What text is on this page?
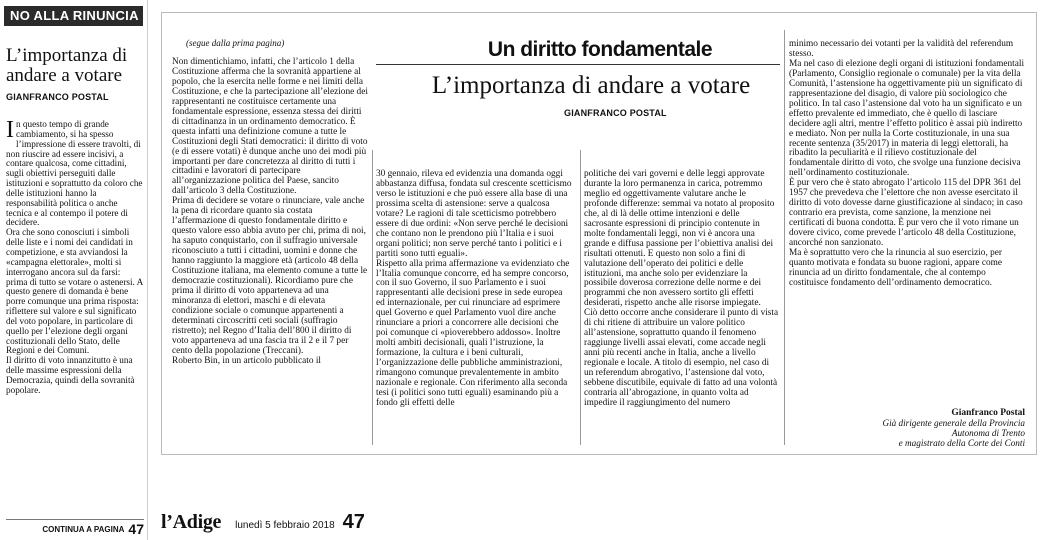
NO ALLA RINUNCIA
L’importanza di andare a votare
GIANFRANCO POSTAL

In questo tempo di grande cambiamento, si ha spesso l’impressione di essere travolti, di non riuscire ad essere incisivi, a contare qualcosa, come cittadini, sugli obiettivi perseguiti dalle istituzioni e soprattutto da coloro che delle istituzioni hanno la responsabilità politica o anche tecnica e al contempo il potere di decidere.

Ora che sono conosciuti i simboli delle liste e i nomi dei candidati in competizione, e sta avviandosi la «campagna elettorale», molti si interrogano ancora sul da farsi: prima di tutto se votare o astenersi. A questo genere di domanda è bene porre comunque una prima risposta: riflettere sul valore e sul significato del voto popolare, in particolare di quello per l’elezione degli organi costituzionali dello Stato, delle Regioni e dei Comuni.

Il diritto di voto innanzitutto è una delle massime espressioni della Democrazia, quindi della sovranità popolare.

CONTINUA A PAGINA 47
(segue dalla prima pagina)

Non dimentichiamo, infatti, che l’articolo 1 della Costituzione afferma che la sovranità appartiene al popolo, che la esercita nelle forme e nei limiti della Costituzione, e che la partecipazione all’elezione dei rappresentanti ne costituisce certamente una fondamentale espressione, essenza stessa dei diritti di cittadinanza in un ordinamento democratico. È questa infatti una definizione comune a tutte le Costituzioni degli Stati democratici: il diritto di voto (e di essere votati) è dunque anche uno dei modi più importanti per dare concretezza al diritto di tutti i cittadini e lavoratori di partecipare all’organizzazione politica del Paese, sancito dall’articolo 3 della Costituzione.

Prima di decidere se votare o rinunciare, vale anche la pena di ricordare quanto sia costata l’affermazione di questo fondamentale diritto e questo valore esso abbia avuto per chi, prima di noi, ha saputo conquistarlo, con il suffragio universale riconosciuto a tutti i cittadini, uomini e donne che hanno raggiunto la maggiore età (articolo 48 della Costituzione italiana, ma elemento comune a tutte le democrazie costituzionali). Ricordiamo pure che prima il diritto di voto apparteneva ad una minoranza di elettori, maschi e di elevata condizione sociale o comunque appartenenti a determinati circoscritti ceti sociali (suffragio ristretto); nel Regno d’Italia dell’800 il diritto di voto apparteneva ad una fascia tra il 2 e il 7 per cento della popolazione (Treccani).

Roberto Bin, in un articolo pubblicato il

Un diritto fondamentale
L’importanza di andare a votare
GIANFRANCO POSTAL

30 gennaio, rileva ed evidenzia una domanda oggi abbastanza diffusa, fondata sul crescente scetticismo verso le istituzioni e che può essere alla base di una prossima scelta di astensione: serve a qualcosa votare? Le ragioni di tale scetticismo potrebbero essere di due ordini: «Non serve perché le decisioni che contano non le prendono più l’Italia e i suoi organi politici; non serve perché tanto i politici e i partiti sono tutti eguali».

Rispetto alla prima affermazione va evidenziato che l’Italia comunque concorre, ed ha sempre concorso, con il suo Governo, il suo Parlamento e i suoi rappresentanti alle decisioni prese in sede europea ed internazionale, per cui rinunciare ad esprimere quel Governo e quel Parlamento vuol dire anche rinunciare a priori a concorrere alle decisioni che poi comunque ci «pioverebbero addosso». Inoltre molti ambiti decisionali, quali l’istruzione, la formazione, la cultura e i beni culturali, l’organizzazione delle pubbliche amministrazioni, rimangono comunque prevalentemente in ambito nazionale e regionale. Con riferimento alla seconda tesi (i politici sono tutti eguali) esaminando più a fondo gli effetti delle

politiche dei vari governi e delle leggi approvate durante la loro permanenza in carica, potremmo meglio ed oggettivamente valutare anche le profonde differenze: semmai va notato al proposito che, al di là delle ottime intenzioni e delle sacrosante espressioni di principio contenute in molte fondamentali leggi, non vi è ancora una grande e diffusa passione per l’obiettiva analisi dei risultati ottenuti. E questo non solo a fini di valutazione dell’operato dei politici e delle istituzioni, ma anche solo per evidenziare la possibile doverosa correzione delle norme e dei programmi che non avessero sortito gli effetti desiderati, rispetto anche alle risorse impiegate.

Ciò detto occorre anche considerare il punto di vista di chi ritiene di attribuire un valore politico all’astensione, soprattutto quando il fenomeno raggiunge livelli assai elevati, come accade negli anni più recenti anche in Italia, anche a livello regionale e locale. A titolo di esempio, nel caso di un referendum abrogativo, l’astensione dal voto, sebbene discutibile, equivale di fatto ad una volontà contraria all’abrogazione, in quanto volta ad impedire il raggiungimento del numero

minimo necessario dei votanti per la validità del referendum stesso.

Ma nel caso di elezione degli organi di istituzioni fondamentali (Parlamento, Consiglio regionale o comunale) per la vita della Comunità, l’astensione ha oggettivamente più un significato di rappresentazione del disagio, di valore più sociologico che politico. In tal caso l’astensione dal voto ha un significato e un effetto prevalente ed immediato, che è quello di lasciare decidere agli altri, mentre l’effetto politico è assai più indiretto e mediato. Non per nulla la Corte costituzionale, in una sua recente sentenza (35/2017) in materia di leggi elettorali, ha ribadito la peculiarità e il rilievo costituzionale del fondamentale diritto di voto, che svolge una funzione decisiva nell’ordinamento costituzionale.

È pur vero che è stato abrogato l’articolo 115 del DPR 361 del 1957 che prevedeva che l’elettore che non avesse esercitato il diritto di voto dovesse darne giustificazione al sindaco; in caso contrario era prevista, come sanzione, la menzione nei certificati di buona condotta. È pur vero che il voto rimane un dovere civico, come prevede l’articolo 48 della Costituzione, ancorché non sanzionato.

Ma è soprattutto vero che la rinuncia al suo esercizio, per quanto motivata e fondata su buone ragioni, appare come rinuncia ad un diritto fondamentale, che al contempo costituisce fondamento dell’ordinamento democratico.

Gianfranco Postal
Già dirigente generale della Provincia
Autonoma di Trento
e magistrato della Corte dei Conti
l’Adige lunedì 5 febbraio 2018 47
